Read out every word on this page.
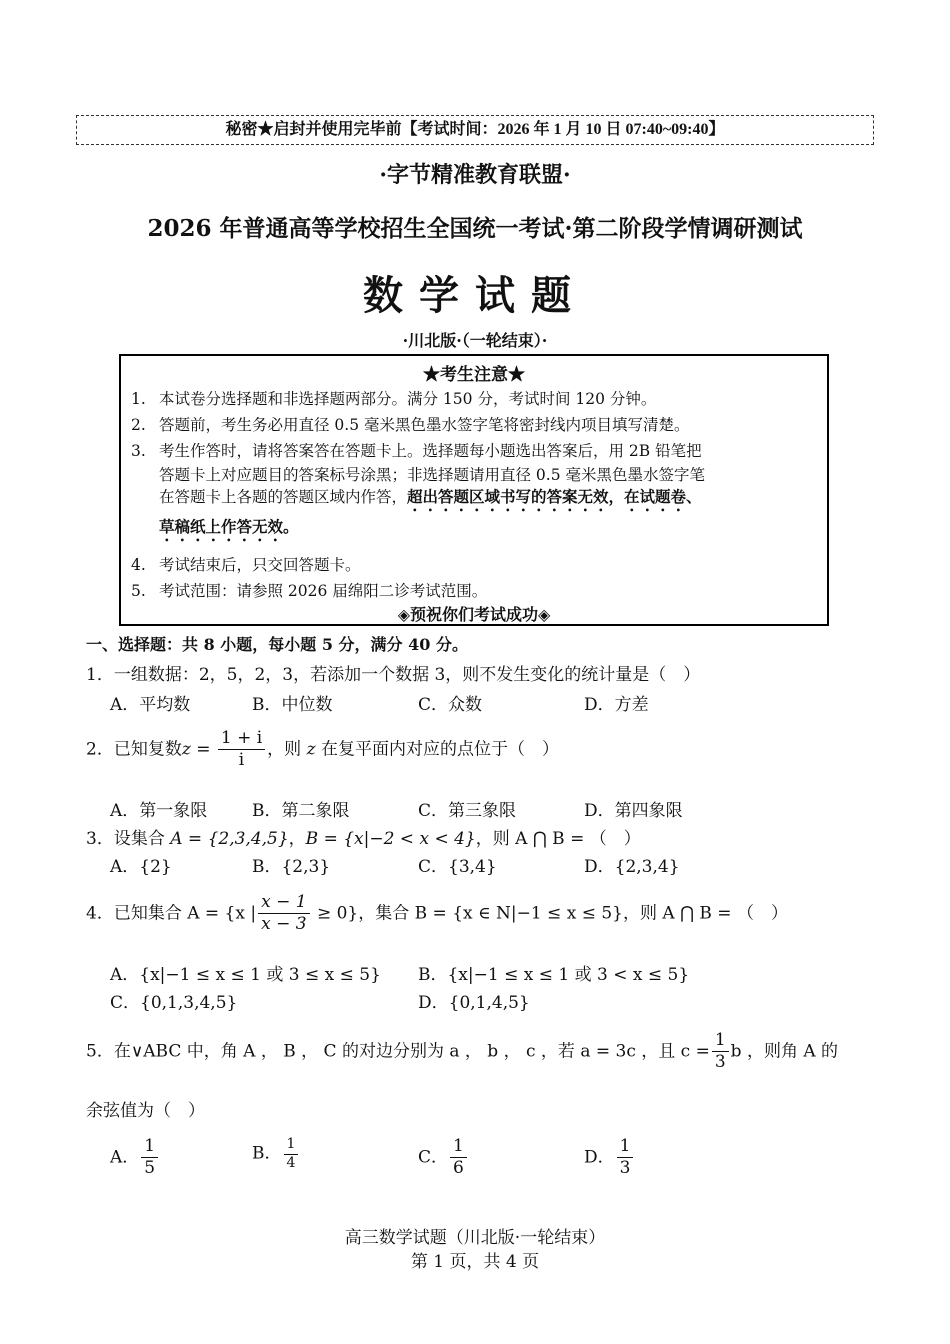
秘密★启封并使用完毕前【考试时间：2026 年 1 月 10 日 07:40~09:40】
·字节精准教育联盟·
2026 年普通高等学校招生全国统一考试·第二阶段学情调研测试
数学试题
·川北版·（一轮结束）·
★考生注意★
1. 本试卷分选择题和非选择题两部分。满分 150 分，考试时间 120 分钟。
2. 答题前，考生务必用直径 0.5 毫米黑色墨水签字笔将密封线内项目填写清楚。
3. 考生作答时，请将答案答在答题卡上。选择题每小题选出答案后，用 2B 铅笔把
答题卡上对应题目的答案标号涂黑；非选择题请用直径 0.5 毫米黑色墨水签字笔
在答题卡上各题的答题区域内作答，超出答题区域书写的答案无效，在试题卷、
草稿纸上作答无效。
4. 考试结束后，只交回答题卡。
5. 考试范围：请参照 2026 届绵阳二诊考试范围。
◈预祝你们考试成功◈
一、选择题：共 8 小题，每小题 5 分，满分 40 分。
1．一组数据：2，5，2，3，若添加一个数据 3，则不发生变化的统计量是（　）
A．平均数	B．中位数	C．众数	D．方差
2．已知复数$z = \frac{1 + i}{i}$ ，则 z 在复平面内对应的点位于（　）
A．第一象限	B．第二象限	C．第三象限	D．第四象限
3．设集合 A = {2,3,4,5}，B = {x|−2 < x < 4}，则 A ⋂ B = （　）
A．{2}	B．{2,3}	C．{3,4}	D．{2,3,4}
4．已知集合 A = {x | $\frac{x - 1}{x - 3} \ge 0$}，集合 B = {x ∈ N|−1 ≤ x ≤ 5}，则 A ⋂ B = （　）
A．{x|−1 ≤ x ≤ 1 或 3 ≤ x ≤ 5} B．{x|−1 ≤ x ≤ 1 或 3 < x ≤ 5}
C．{0,1,3,4,5}	D．{0,1,4,5}
5．在∨ABC 中，角 A ， B ， C 的对边分别为 a ， b ， c ，若 a = 3c ，且 $c = \frac{1}{3}$ b ，则角 A 的
余弦值为（　）
A． $\frac{1}{5}$	B． $\frac{1}{4}$	C． $\frac{1}{6}$	D． $\frac{1}{3}$
高三数学试题（川北版·一轮结束）
第 1 页，共 4 页
